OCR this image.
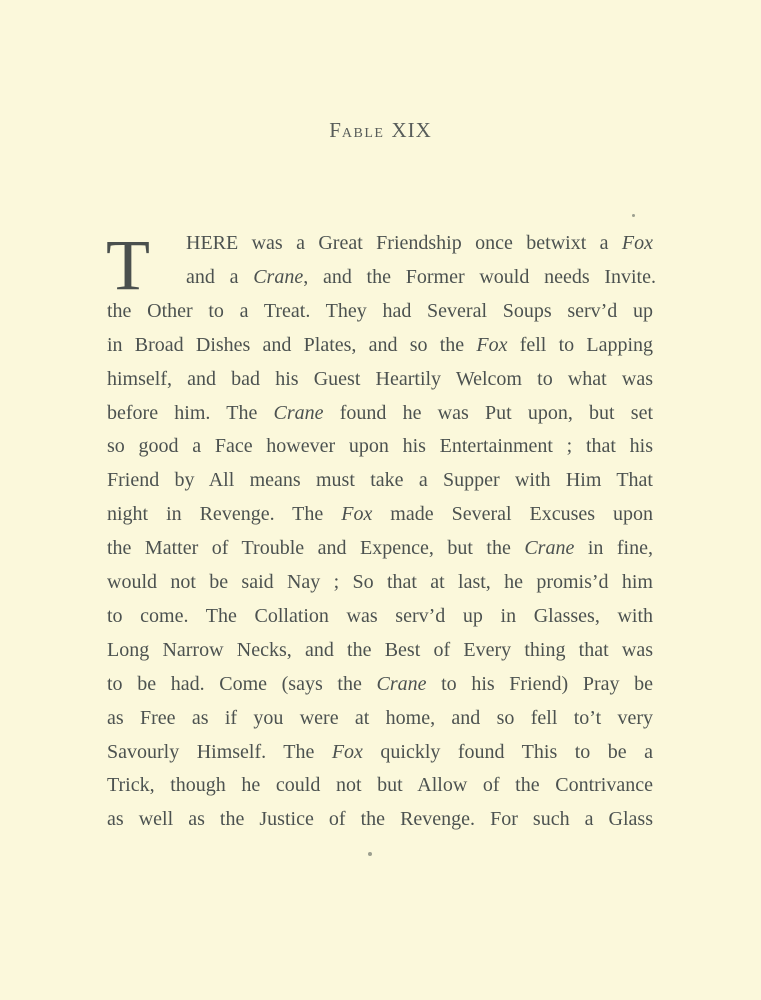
FABLE XIX
T HERE was a Great Friendship once betwixt a Fox
and a Crane, and the Former would needs Invite.
the Other to a Treat. They had Several Soups serv’d up
in Broad Dishes and Plates, and so the Fox fell to Lapping
himself, and bad his Guest Heartily Welcom to what was
before him. The Crane found he was Put upon, but set
so good a Face however upon his Entertainment ; that his
Friend by All means must take a Supper with Him That
night in Revenge. The Fox made Several Excuses upon
the Matter of Trouble and Expence, but the Crane in fine,
would not be said Nay ; So that at last, he promis’d him
to come. The Collation was serv’d up in Glasses, with
Long Narrow Necks, and the Best of Every thing that was
to be had. Come (says the Crane to his Friend) Pray be
as Free as if you were at home, and so fell to’t very
Savourly Himself. The Fox quickly found This to be a
Trick, though he could not but Allow of the Contrivance
as well as the Justice of the Revenge. For such a Glass
